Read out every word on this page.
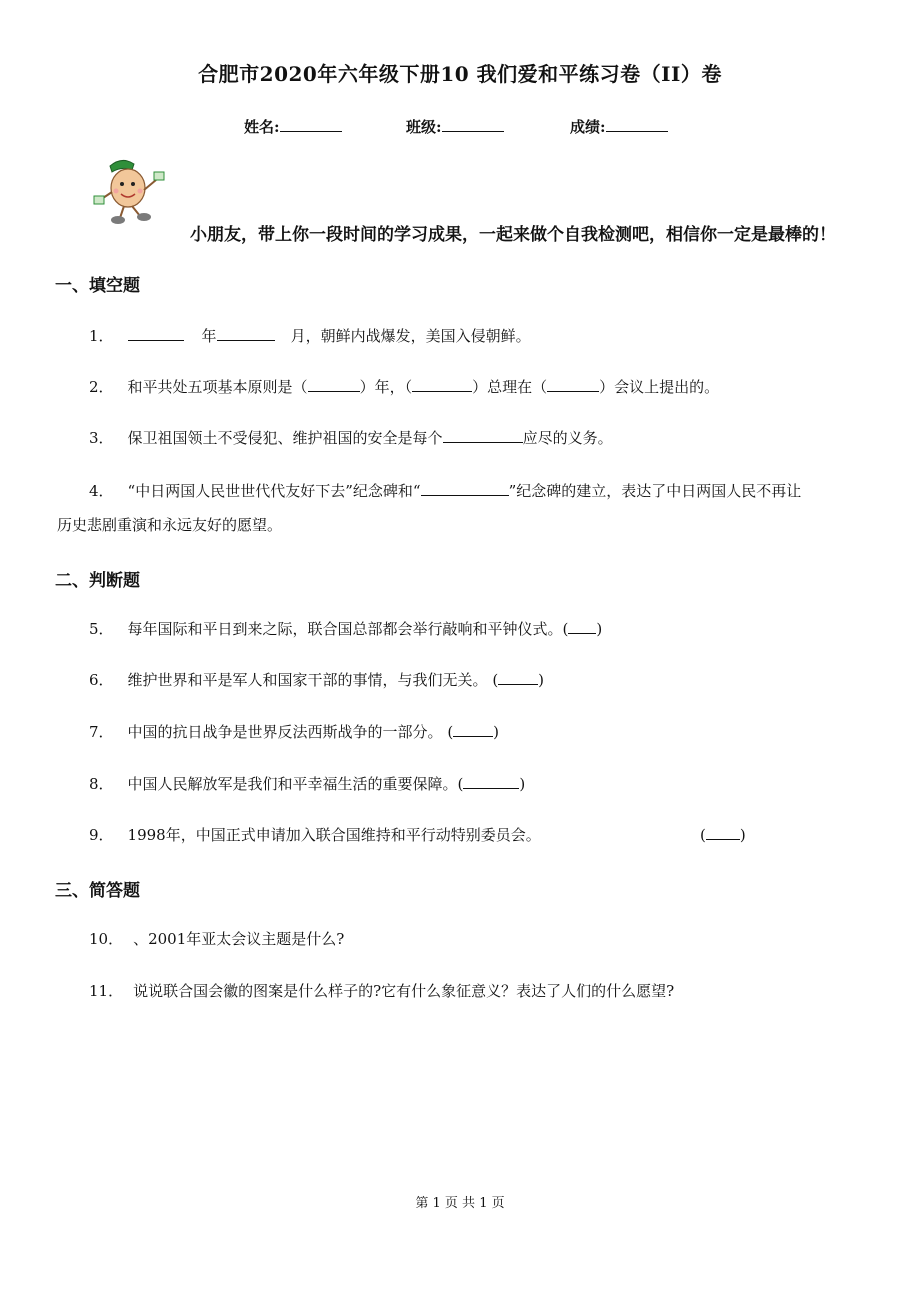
合肥市2020年六年级下册10 我们爱和平练习卷（II）卷
姓名:	班级:	成绩:
小朋友，带上你一段时间的学习成果，一起来做个自我检测吧，相信你一定是最棒的！
一、填空题
1．	年	月，朝鲜内战爆发，美国入侵朝鲜。
2． 和平共处五项基本原则是（	）年，（	）总理在（	）会议上提出的。
3． 保卫祖国领土不受侵犯、维护祖国的安全是每个	应尽的义务。
4． “中日两国人民世世代代友好下去”纪念碑和“	”纪念碑的建立，表达了中日两国人民不再让
历史悲剧重演和永远友好的愿望。
二、判断题
5． 每年国际和平日到来之际，联合国总部都会举行敲响和平钟仪式。( )
6． 维护世界和平是军人和国家干部的事情，与我们无关。 (	)
7． 中国的抗日战争是世界反法西斯战争的一部分。 (	)
8． 中国人民解放军是我们和平幸福生活的重要保障。(	)
9． 1998年，中国正式申请加入联合国维持和平行动特别委员会。	( )
三、简答题
10． 、2001年亚太会议主题是什么?
11． 说说联合国会徽的图案是什么样子的?它有什么象征意义？表达了人们的什么愿望?
第 1 页 共 1 页
